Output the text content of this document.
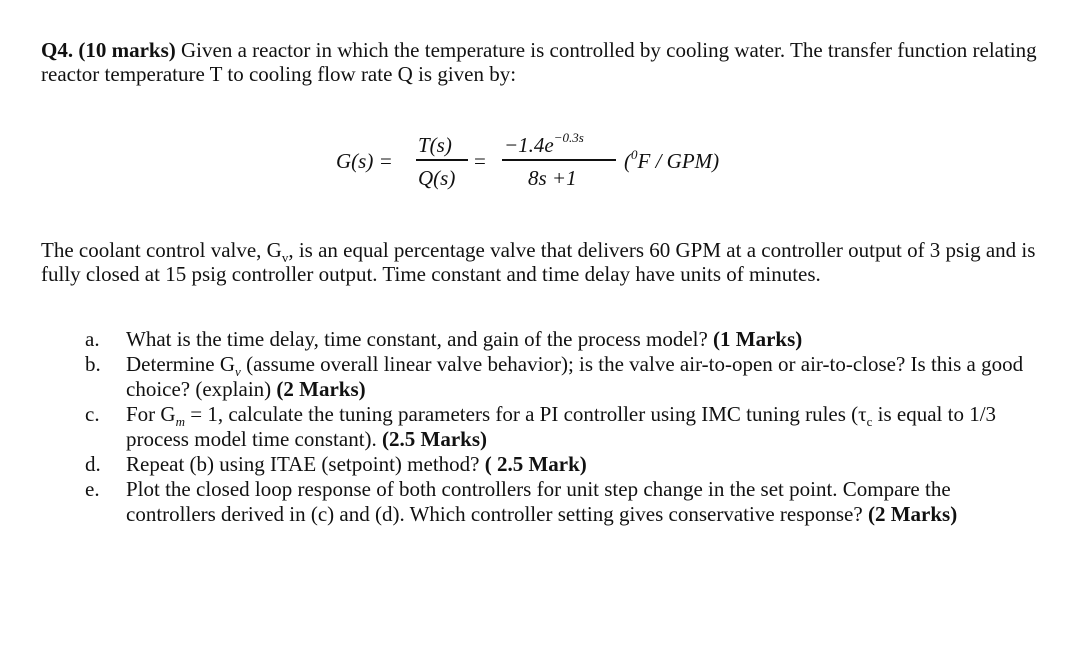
Q4. (10 marks) Given a reactor in which the temperature is controlled by cooling water. The transfer function relating reactor temperature T to cooling flow rate Q is given by:
G(s) =
T(s)
Q(s)
=
$-1.4e^{-0.3s}$
8s +1
($^0$F / GPM)
The coolant control valve, $G_v$, is an equal percentage valve that delivers 60 GPM at a controller output of 3 psig and is fully closed at 15 psig controller output. Time constant and time delay have units of minutes.
a. What is the time delay, time constant, and gain of the process model? (1 Marks)
b. Determine $G_v$ (assume overall linear valve behavior); is the valve air-to-open or air-to-close? Is this a good choice? (explain) (2 Marks)
c. For $G_m = 1$, calculate the tuning parameters for a PI controller using IMC tuning rules ($\tau_c$ is equal to 1/3 process model time constant). (2.5 Marks)
d. Repeat (b) using ITAE (setpoint) method? ( 2.5 Mark)
e. Plot the closed loop response of both controllers for unit step change in the set point. Compare the controllers derived in (c) and (d). Which controller setting gives conservative response? (2 Marks)
